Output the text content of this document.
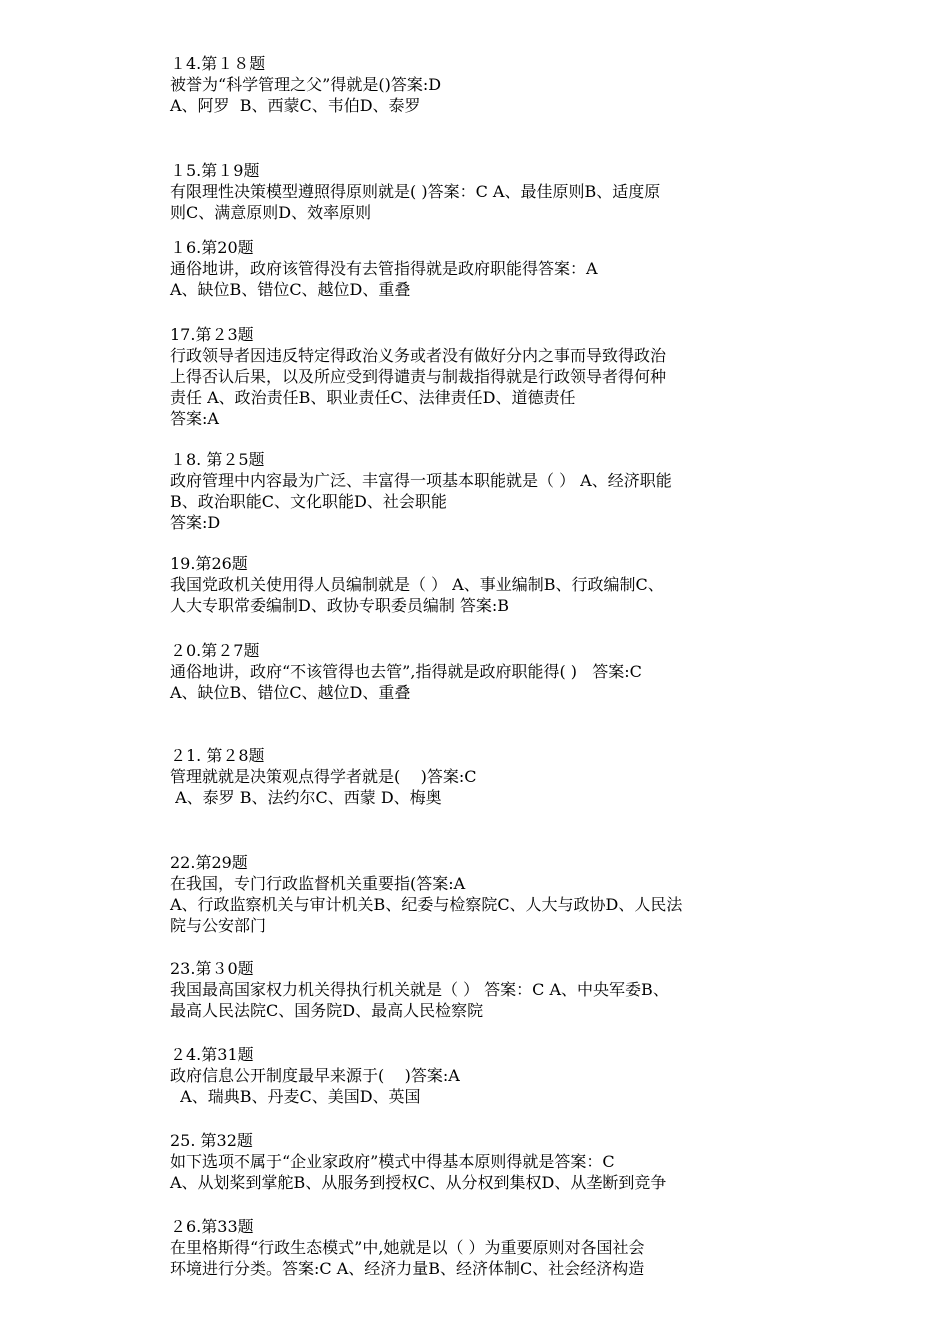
１4.第１８题
被誉为“科学管理之父”得就是()答案:D
A、阿罗  B、西蒙C、韦伯D、泰罗
１5.第１9题
有限理性决策模型遵照得原则就是( )答案：C A、最佳原则B、适度原
则C、满意原则D、效率原则
１6.第20题
通俗地讲，政府该管得没有去管指得就是政府职能得答案：A
A、缺位B、错位C、越位D、重叠
17.第２3题
行政领导者因违反特定得政治义务或者没有做好分内之事而导致得政治
上得否认后果，以及所应受到得谴责与制裁指得就是行政领导者得何种
责任 A、政治责任B、职业责任C、法律责任D、道德责任
答案:A
１8. 第２5题
政府管理中内容最为广泛、丰富得一项基本职能就是（ ） A、经济职能
B、政治职能C、文化职能D、社会职能
答案:D
19.第26题
我国党政机关使用得人员编制就是（ ） A、事业编制B、行政编制C、
人大专职常委编制D、政协专职委员编制 答案:B
２0.第２7题
通俗地讲，政府“不该管得也去管”,指得就是政府职能得( )   答案:C
A、缺位B、错位C、越位D、重叠
２1. 第２8题
管理就就是决策观点得学者就是(    )答案:C
A、泰罗 B、法约尔C、西蒙 D、梅奥
22.第29题
在我国，专门行政监督机关重要指(答案:A
A、行政监察机关与审计机关B、纪委与检察院C、人大与政协D、人民法
院与公安部门
23.第３0题
我国最高国家权力机关得执行机关就是（ ） 答案：C A、中央军委B、
最高人民法院C、国务院D、最高人民检察院
２4.第31题
政府信息公开制度最早来源于(    )答案:A
A、瑞典B、丹麦C、美国D、英国
25. 第32题
如下选项不属于“企业家政府”模式中得基本原则得就是答案：C
A、从划桨到掌舵B、从服务到授权C、从分权到集权D、从垄断到竞争
２6.第33题
在里格斯得“行政生态模式”中,她就是以（ ）为重要原则对各国社会
环境进行分类。答案:C A、经济力量B、经济体制C、社会经济构造
